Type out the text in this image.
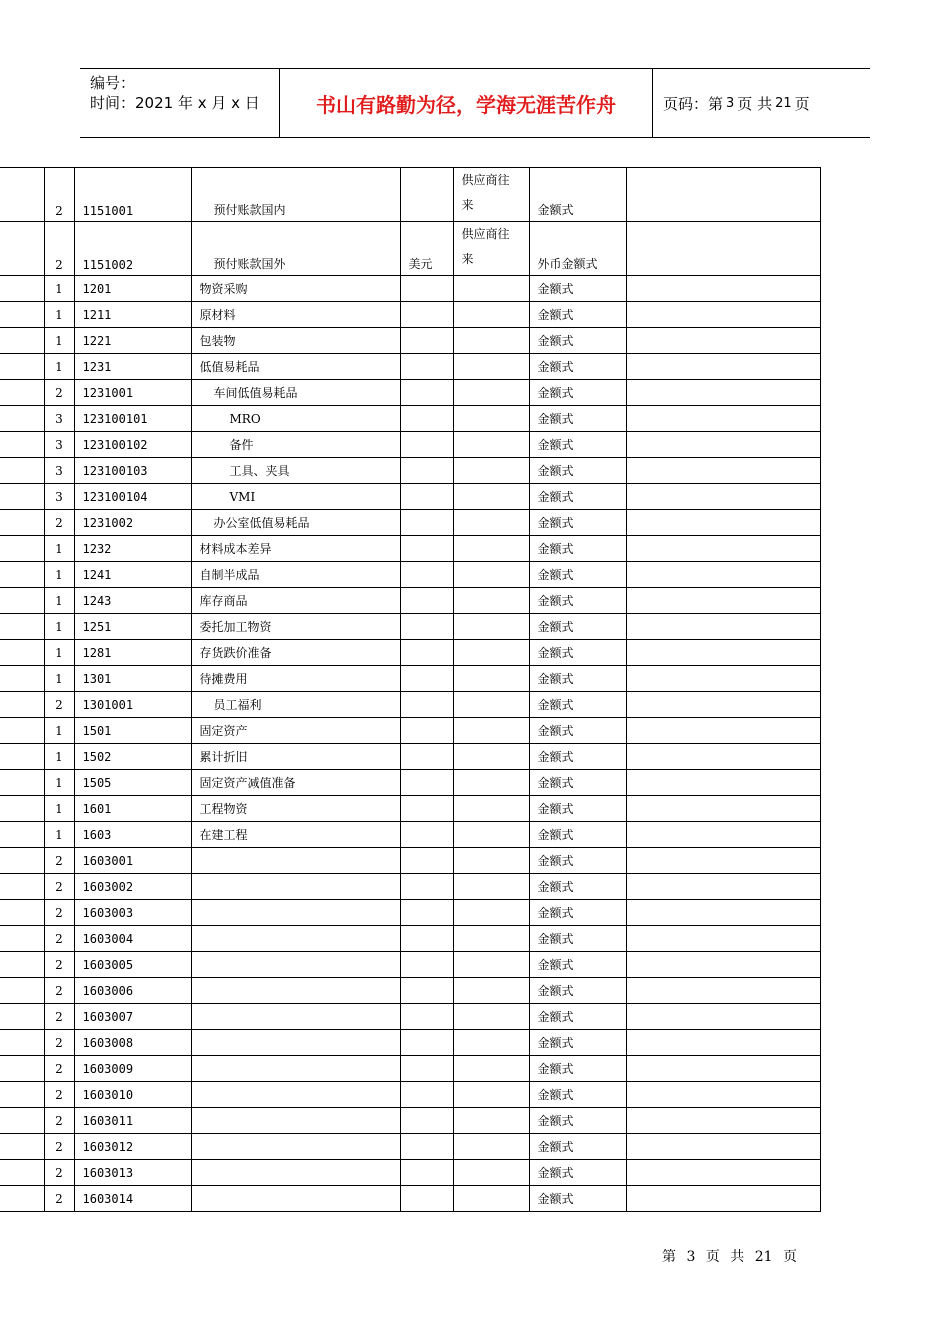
编号：
时间：2021 年 x 月 x 日	书山有路勤为径，学海无涯苦作舟	页码：第 3 页 共 21 页
	2	1151001	预付账款国内		供应商往
来	金额式	
	2	1151002	预付账款国外	美元	供应商往
来	外币金额式	
	1	1201	物资采购			金额式	
	1	1211	原材料			金额式	
	1	1221	包装物			金额式	
	1	1231	低值易耗品			金额式	
	2	1231001	车间低值易耗品			金额式	
	3	123100101	MRO			金额式	
	3	123100102	备件			金额式	
	3	123100103	工具、夹具			金额式	
	3	123100104	VMI			金额式	
	2	1231002	办公室低值易耗品			金额式	
	1	1232	材料成本差异			金额式	
	1	1241	自制半成品			金额式	
	1	1243	库存商品			金额式	
	1	1251	委托加工物资			金额式	
	1	1281	存货跌价准备			金额式	
	1	1301	待摊费用			金额式	
	2	1301001	员工福利			金额式	
	1	1501	固定资产			金额式	
	1	1502	累计折旧			金额式	
	1	1505	固定资产减值准备			金额式	
	1	1601	工程物资			金额式	
	1	1603	在建工程			金额式	
	2	1603001				金额式	
	2	1603002				金额式	
	2	1603003				金额式	
	2	1603004				金额式	
	2	1603005				金额式	
	2	1603006				金额式	
	2	1603007				金额式	
	2	1603008				金额式	
	2	1603009				金额式	
	2	1603010				金额式	
	2	1603011				金额式	
	2	1603012				金额式	
	2	1603013				金额式	
	2	1603014				金额式	
第 3 页 共 21 页
